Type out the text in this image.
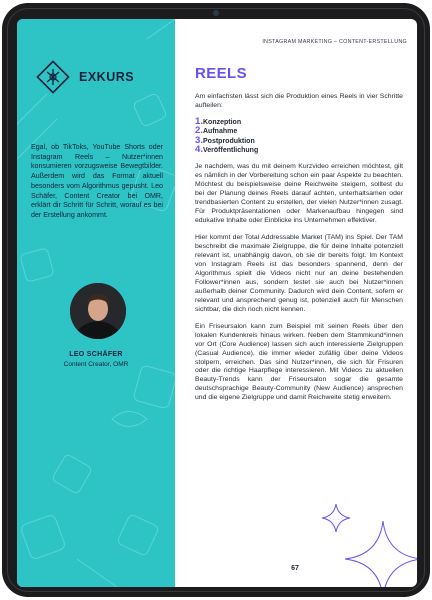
EXKURS

Egal, ob TikToks, YouTube Shorts oder Instagram Reels – Nutzer*innen konsumieren vorzugsweise Bewegtbilder. Außerdem wird das Format aktuell besonders vom Algorithmus gepusht. Leo Schäfer, Content Creator bei OMR, erklärt dir Schritt für Schritt, worauf es bei der Erstellung ankommt.

LEO SCHÄFER
Content Creator, OMR
INSTAGRAM MARKETING – CONTENT-ERSTELLUNG
REELS

Am einfachsten lässt sich die Produktion eines Reels in vier Schritte aufteilen:

1. Konzeption
2. Aufnahme
3. Postproduktion
4. Veröffentlichung

Je nachdem, was du mit deinem Kurzvideo erreichen möchtest, gilt es nämlich in der Vorbereitung schon ein paar Aspekte zu beachten. Möchtest du beispielsweise deine Reichweite steigern, solltest du bei der Planung deines Reels darauf achten, unterhaltsamen oder trendbasierten Content zu erstellen, der vielen Nutzer*innen zusagt. Für Produktpräsentationen oder Markenaufbau hingegen sind edukative Inhalte oder Einblicke ins Unternehmen effektiver.

Hier kommt der Total Addressable Market (TAM) ins Spiel. Der TAM beschreibt die maximale Zielgruppe, die für deine Inhalte potenziell relevant ist, unabhängig davon, ob sie dir bereits folgt. Im Kontext von Instagram Reels ist das besonders spannend, denn der Algorithmus spielt die Videos nicht nur an deine bestehenden Follower*innen aus, sondern testet sie auch bei Nutzer*innen außerhalb deiner Community. Dadurch wird dein Content, sofern er relevant und ansprechend genug ist, potenziell auch für Menschen sichtbar, die dich noch nicht kennen.

Ein Friseursalon kann zum Beispiel mit seinen Reels über den lokalen Kundenkreis hinaus wirken. Neben dem Stammkund*innen vor Ort (Core Audience) lassen sich auch interessierte Zielgruppen (Casual Audience), die immer wieder zufällig über deine Videos stolpern, erreichen. Das sind Nutzer*innen, die sich für Frisuren oder die richtige Haarpflege interessieren. Mit Videos zu aktuellen Beauty-Trends kann der Friseursalon sogar die gesamte deutschsprachige Beauty-Community (New Audience) ansprechen und die eigene Zielgruppe und damit Reichweite stetig erweitern.

67
